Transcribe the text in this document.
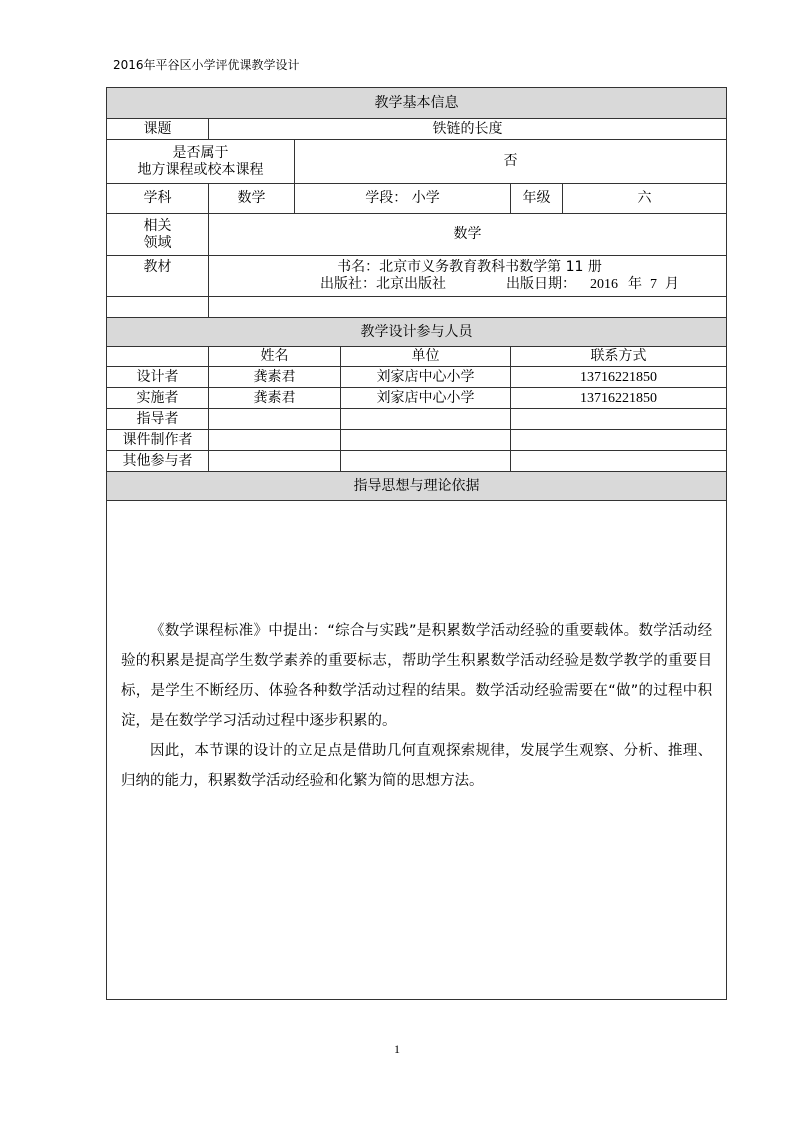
2016年平谷区小学评优课教学设计
教学基本信息					
课题	铁链的长度				

是否属于
地方课程或校本课程		否			
学科	数学	学段： 小学		年级	六

相关
领域	数学				
教材	书名：北京市义务教育教科书数学第 11 册
出版社：北京出版社 出版日期： 2016 年 7 月				

教学设计参与人员					
	姓名		单位	联系方式	
设计者	龚素君		刘家店中心小学	13716221850	
实施者	龚素君		刘家店中心小学	13716221850	
指导者					
课件制作者					
其他参与者					
指导思想与理论依据					

《数学课程标准》中提出：“综合与实践”是积累数学活动经验的重要载体。数学活动经验的积累是提高学生数学素养的重要标志，帮助学生积累数学活动经验是数学教学的重要目标，是学生不断经历、体验各种数学活动过程的结果。数学活动经验需要在“做”的过程中积淀，是在数学学习活动过程中逐步积累的。

因此，本节课的设计的立足点是借助几何直观探索规律，发展学生观察、分析、推理、归纳的能力，积累数学活动经验和化繁为简的思想方法。					

1
